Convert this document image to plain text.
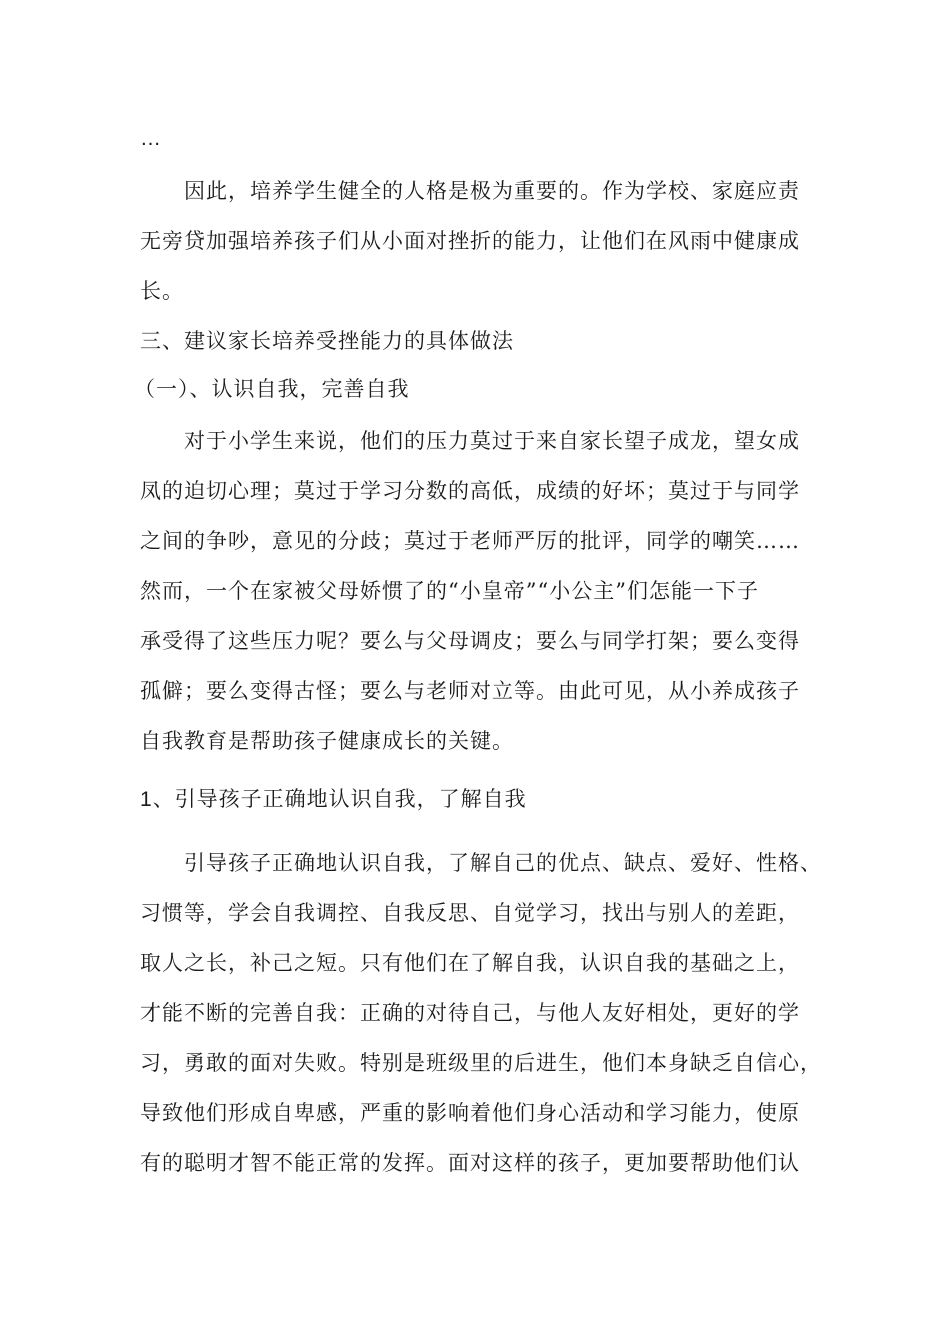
…
因此，培养学生健全的人格是极为重要的。作为学校、家庭应责
无旁贷加强培养孩子们从小面对挫折的能力，让他们在风雨中健康成
长。
三、建议家长培养受挫能力的具体做法
（一）、认识自我，完善自我
对于小学生来说，他们的压力莫过于来自家长望子成龙，望女成
凤的迫切心理；莫过于学习分数的高低，成绩的好坏；莫过于与同学
之间的争吵，意见的分歧；莫过于老师严厉的批评，同学的嘲笑……
然而，一个在家被父母娇惯了的“小皇帝”“小公主”们怎能一下子
承受得了这些压力呢？要么与父母调皮；要么与同学打架；要么变得
孤僻；要么变得古怪；要么与老师对立等。由此可见，从小养成孩子
自我教育是帮助孩子健康成长的关键。
1、引导孩子正确地认识自我，了解自我
引导孩子正确地认识自我，了解自己的优点、缺点、爱好、性格、
习惯等，学会自我调控、自我反思、自觉学习，找出与别人的差距，
取人之长，补己之短。只有他们在了解自我，认识自我的基础之上，
才能不断的完善自我：正确的对待自己，与他人友好相处，更好的学
习，勇敢的面对失败。特别是班级里的后进生，他们本身缺乏自信心，
导致他们形成自卑感，严重的影响着他们身心活动和学习能力，使原
有的聪明才智不能正常的发挥。面对这样的孩子，更加要帮助他们认
